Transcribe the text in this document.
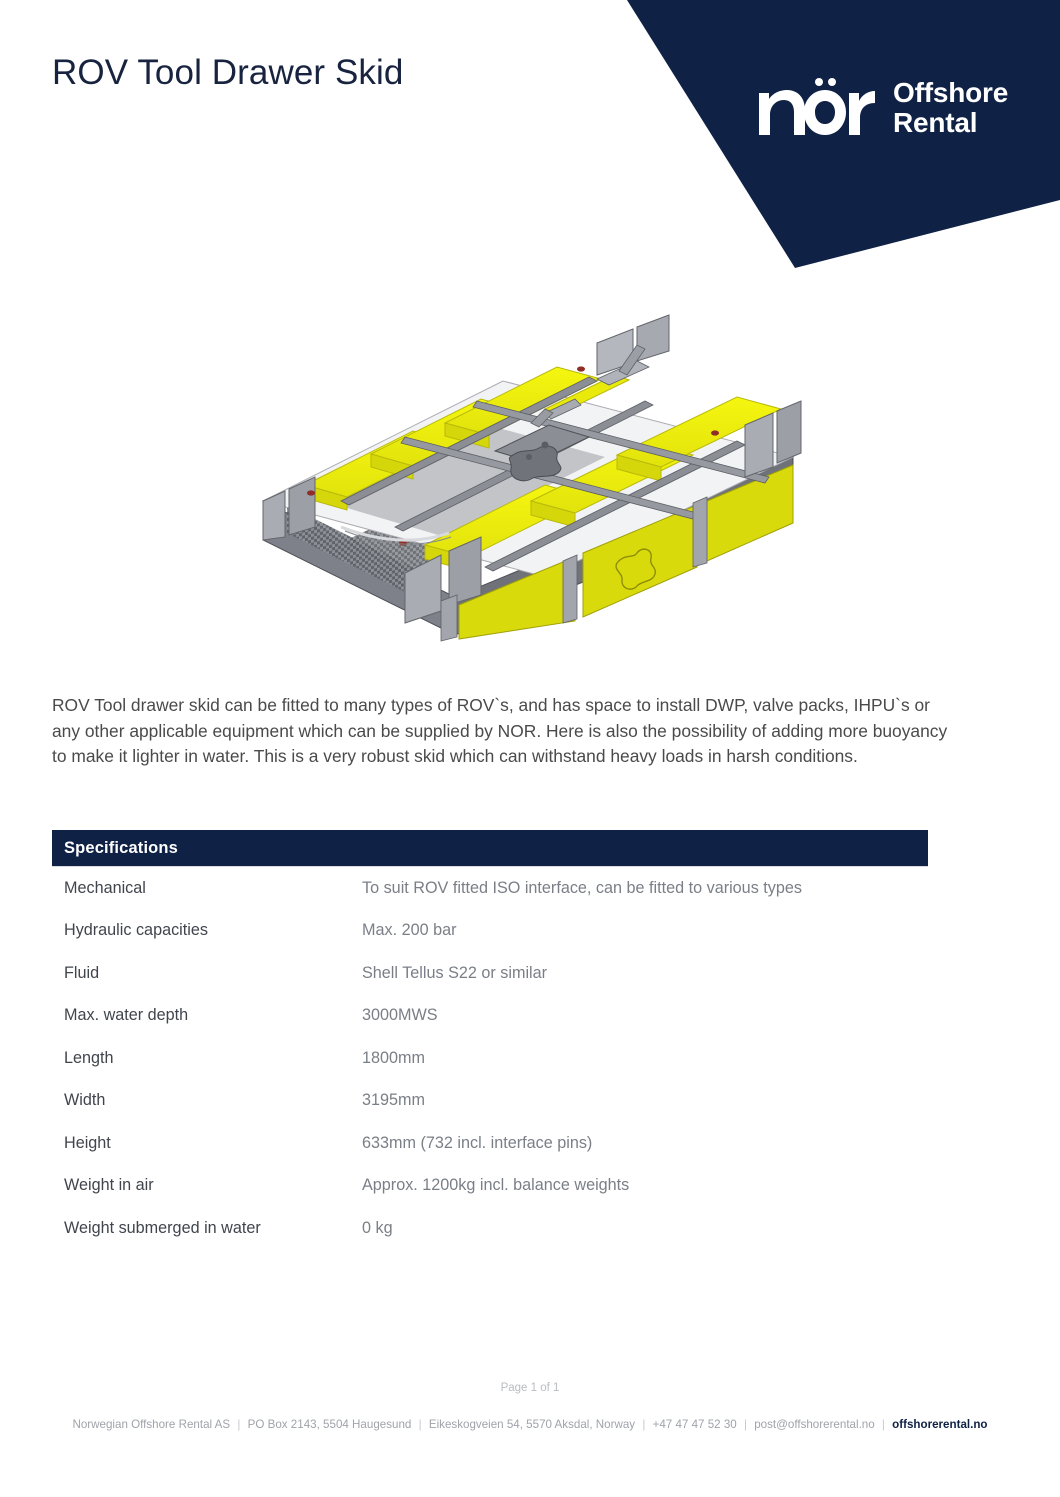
ROV Tool Drawer Skid
Offshore
Rental

ROV Tool drawer skid can be fitted to many types of ROV`s, and has space to install DWP, valve packs, IHPU`s or any other applicable equipment which can be supplied by NOR. Here is also the possibility of adding more buoyancy to make it lighter in water. This is a very robust skid which can withstand heavy loads in harsh conditions.

Specifications
Mechanical	To suit ROV fitted ISO interface, can be fitted to various types
Hydraulic capacities	Max. 200 bar
Fluid	Shell Tellus S22 or similar
Max. water depth	3000MWS
Length	1800mm
Width	3195mm
Height	633mm (732 incl. interface pins)
Weight in air	Approx. 1200kg incl. balance weights
Weight submerged in water	0 kg
Page 1 of 1
Norwegian Offshore Rental AS | PO Box 2143, 5504 Haugesund | Eikeskogveien 54, 5570 Aksdal, Norway | +47 47 47 52 30 | post@offshorerental.no | offshorerental.no
